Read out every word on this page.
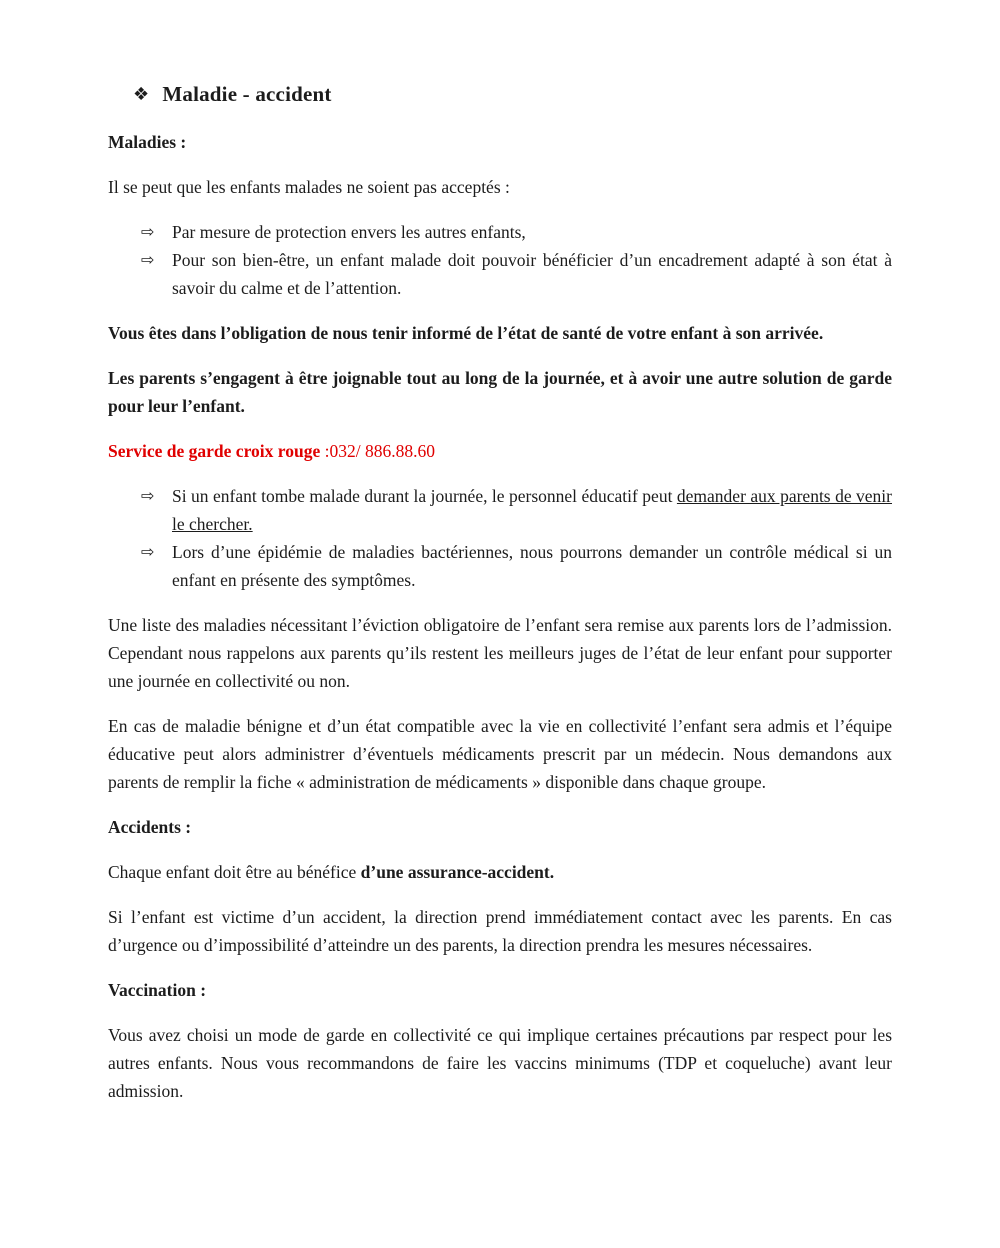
❖ Maladie - accident
Maladies :

Il se peut que les enfants malades ne soient pas acceptés :

⇨	Par mesure de protection envers les autres enfants,
⇨	Pour son bien-être, un enfant malade doit pouvoir bénéficier d’un encadrement adapté à son état à savoir du calme et de l’attention.

Vous êtes dans l’obligation de nous tenir informé de l’état de santé de votre enfant à son arrivée.

Les parents s’engagent à être joignable tout au long de la journée, et à avoir une autre solution de garde pour leur l’enfant.

Service de garde croix rouge :032/ 886.88.60

⇨	Si un enfant tombe malade durant la journée, le personnel éducatif peut demander aux parents de venir le chercher.
⇨	Lors d’une épidémie de maladies bactériennes, nous pourrons demander un contrôle médical si un enfant en présente des symptômes.

Une liste des maladies nécessitant l’éviction obligatoire de l’enfant sera remise aux parents lors de l’admission. Cependant nous rappelons aux parents qu’ils restent les meilleurs juges de l’état de leur enfant pour supporter une journée en collectivité ou non.

En cas de maladie bénigne et d’un état compatible avec la vie en collectivité l’enfant sera admis et l’équipe éducative peut alors administrer d’éventuels médicaments prescrit par un médecin. Nous demandons aux parents de remplir la fiche « administration de médicaments » disponible dans chaque groupe.

Accidents :

Chaque enfant doit être au bénéfice d’une assurance-accident.

Si l’enfant est victime d’un accident, la direction prend immédiatement contact avec les parents. En cas d’urgence ou d’impossibilité d’atteindre un des parents, la direction prendra les mesures nécessaires.

Vaccination :

Vous avez choisi un mode de garde en collectivité ce qui implique certaines précautions par respect pour les autres enfants. Nous vous recommandons de faire les vaccins minimums (TDP et coqueluche) avant leur admission.
